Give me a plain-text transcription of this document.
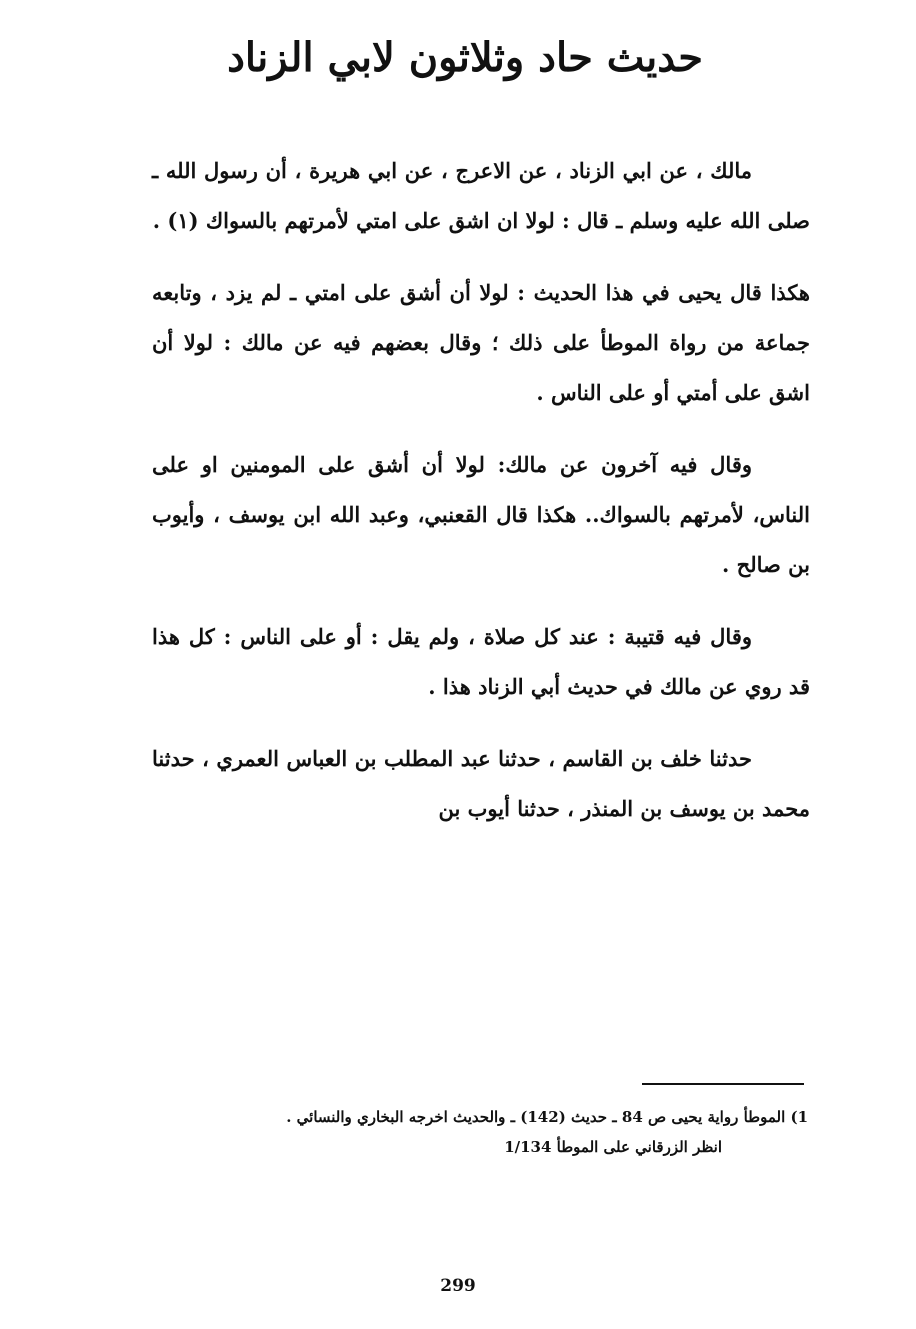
حديث حاد وثلاثون لابي الزناد

مالك ، عن ابي الزناد ، عن الاعرج ، عن ابي هريرة ، أن رسول الله ـ صلى الله عليه وسلم ـ قال : لولا ان اشق على امتي لأمرتهم بالسواك (١) .

هكذا قال يحيى في هذا الحديث : لولا أن أشق على امتي ـ لم يزد ، وتابعه جماعة من رواة الموطأ على ذلك ؛ وقال بعضهم فيه عن مالك : لولا أن اشق على أمتي أو على الناس .

وقال فيه آخرون عن مالك: لولا أن أشق على المومنين او على الناس، لأمرتهم بالسواك.. هكذا قال القعنبي، وعبد الله ابن يوسف ، وأيوب بن صالح .

وقال فيه قتيبة : عند كل صلاة ، ولم يقل : أو على الناس : كل هذا قد روي عن مالك في حديث أبي الزناد هذا .

حدثنا خلف بن القاسم ، حدثنا عبد المطلب بن العباس العمري ، حدثنا محمد بن يوسف بن المنذر ، حدثنا أيوب بن

1) الموطأ رواية يحيى ص 84 ـ حديث (142) ـ والحديث اخرجه البخاري والنسائي .

انظر الزرقاني على الموطأ 1/134

299
